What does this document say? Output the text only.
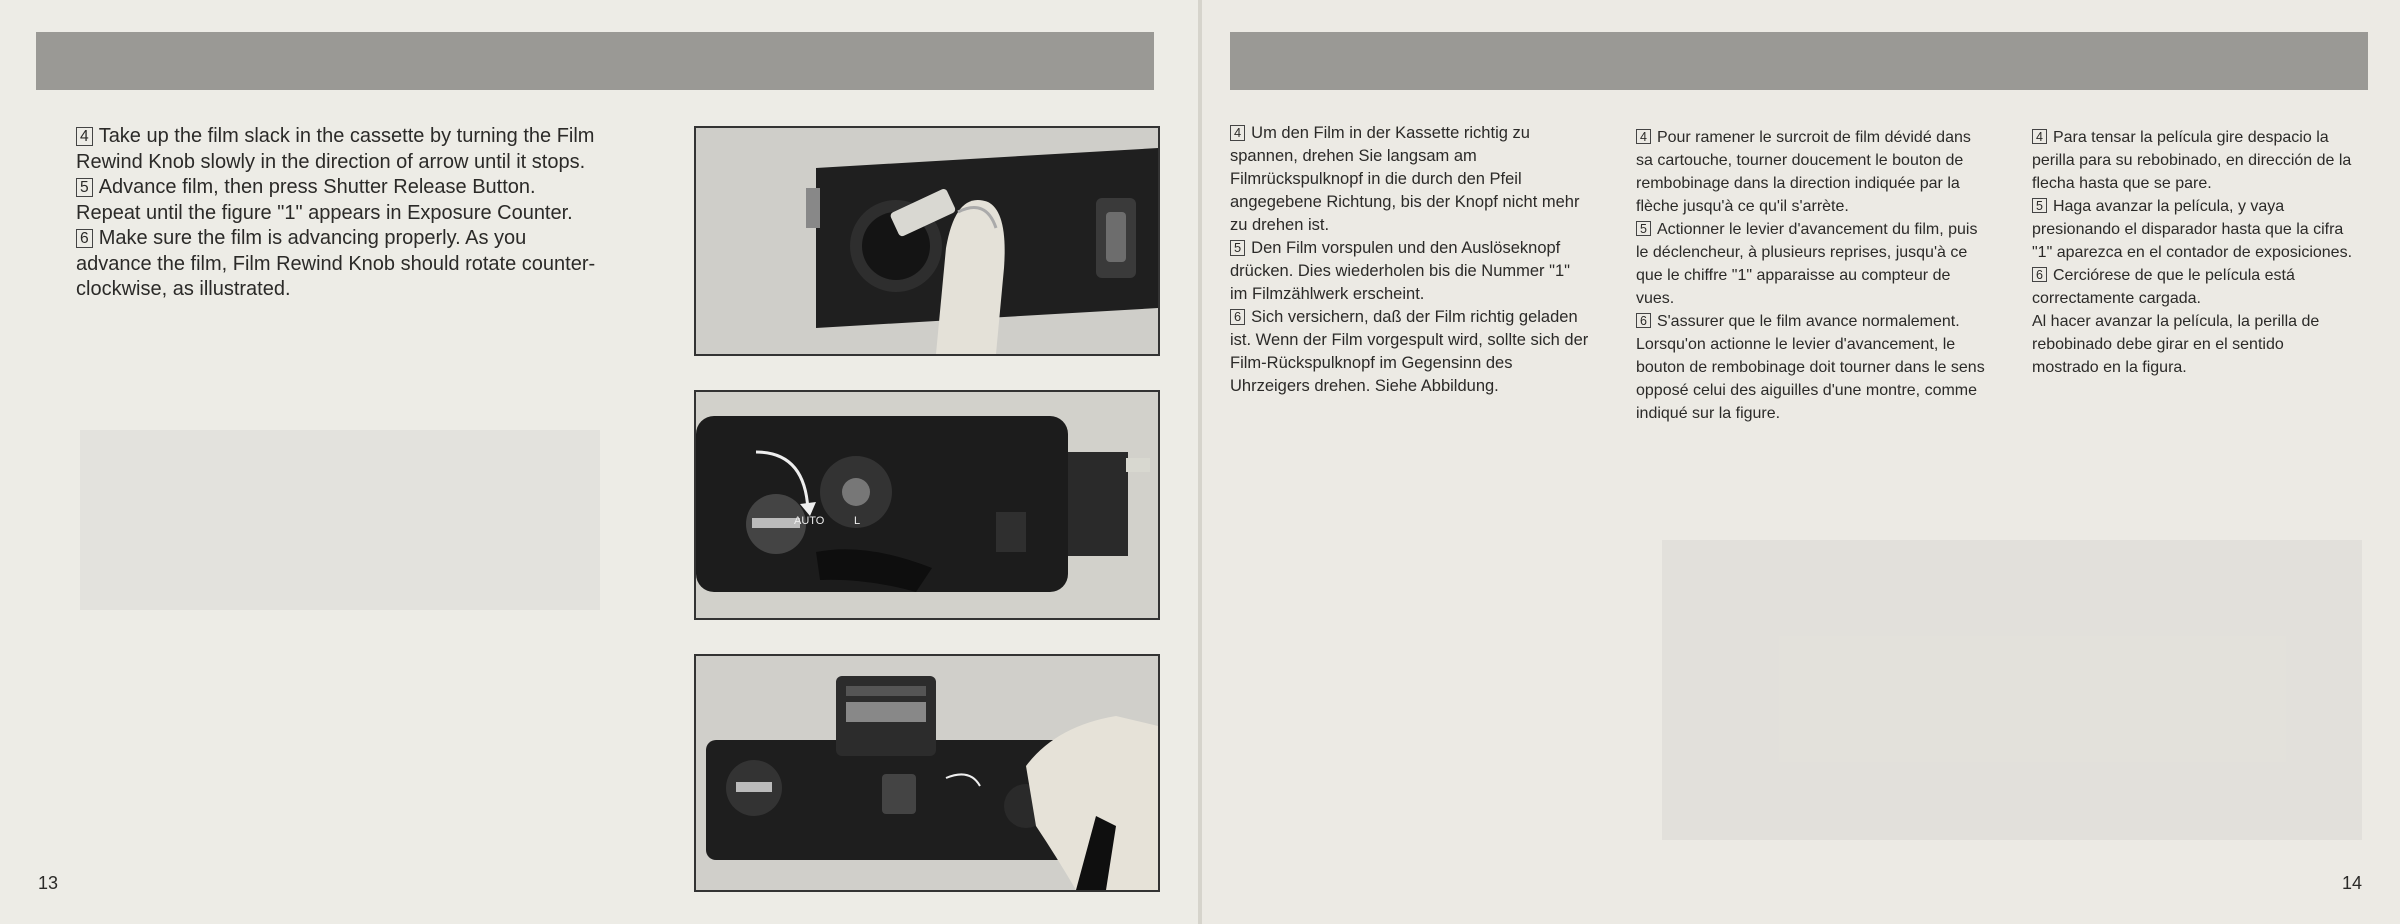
4 Take up the film slack in the cassette by turning the Film Rewind Knob slowly in the direction of arrow until it stops.

5 Advance film, then press Shutter Release Button. Repeat until the figure "1" appears in Exposure Counter.

6 Make sure the film is advancing properly. As you advance the film, Film Rewind Knob should rotate counter-clockwise, as illustrated.

AUTO	L
13

4 Um den Film in der Kassette richtig zu spannen, drehen Sie langsam am Filmrückspulknopf in die durch den Pfeil angegebene Richtung, bis der Knopf nicht mehr zu drehen ist.

5 Den Film vorspulen und den Auslöseknopf drücken. Dies wiederholen bis die Nummer "1" im Filmzählwerk erscheint.

6 Sich versichern, daß der Film richtig geladen ist. Wenn der Film vorgespult wird, sollte sich der Film-Rückspulknopf im Gegensinn des Uhrzeigers drehen. Siehe Abbildung.

4 Pour ramener le surcroit de film dévidé dans sa cartouche, tourner doucement le bouton de rembobinage dans la direction indiquée par la flèche jusqu'à ce qu'il s'arrète.

5 Actionner le levier d'avancement du film, puis le déclencheur, à plusieurs reprises, jusqu'à ce que le chiffre "1" apparaisse au compteur de vues.

6 S'assurer que le film avance normalement.

Lorsqu'on actionne le levier d'avancement, le bouton de rembobinage doit tourner dans le sens opposé celui des aiguilles d'une montre, comme indiqué sur la figure.

4 Para tensar la película gire despacio la perilla para su rebobinado, en dirección de la flecha hasta que se pare.

5 Haga avanzar la película, y vaya presionando el disparador hasta que la cifra "1" aparezca en el contador de exposiciones.

6 Cerciórese de que le película está correctamente cargada.

Al hacer avanzar la película, la perilla de rebobinado debe girar en el sentido mostrado en la figura.

14
